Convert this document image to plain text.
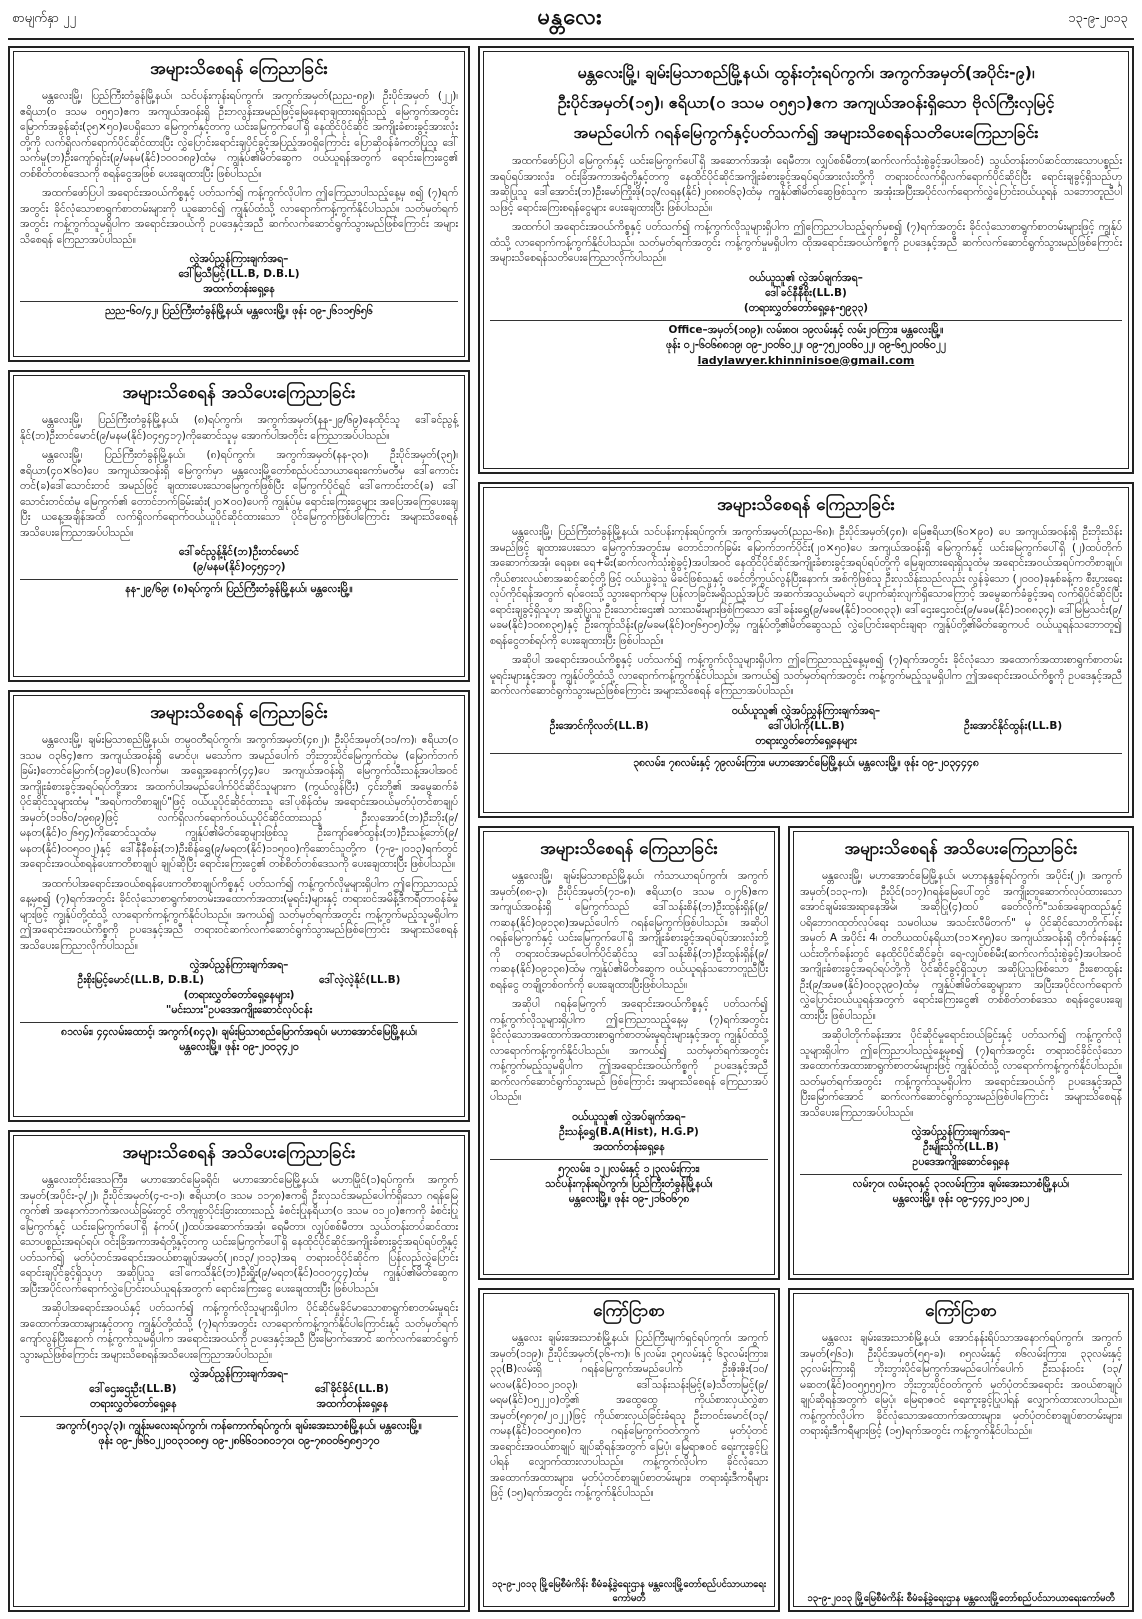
စာမျက်နှာ ၂၂	မန္တလေး	၁၃-၉-၂၀၁၃
အများသိစေရန် ကြေညာခြင်း

မန္တလေးမြို့၊ ပြည်ကြီးတံခွန်မြို့နယ်၊ သင်ပန်းကုန်းရပ်ကွက်၊ အကွက်အမှတ်(ညည-၈၉)၊ ဦးပိုင်အမှတ် (၂၂)၊ ဧရိယာ(၀ ဒသမ ၀၅၅၁)ဧက အကျယ်အဝန်းရှိ ဦးဘလွန်းအမည်ဖြင့်မြေနေရာချထားရရှိသည့် မြေကွက်အတွင်း မြောက်အခွန်ဆုံး(၃၅×၅၀)ပေရှိသော မြေကွက်နှင့်တကွ ယင်းမြေကွက်ပေါ်ရှိ နေထိုင်ပိုင်ဆိုင် အကျိုးခံစားခွင့်အားလုံးတို့ကို လက်ရှိလက်ရောက်ပိုင်ဆိုင်ထားပြီး လွှဲပြောင်းရောင်းချပိုင်ခွင့်အပြည့်အဝရှိကြောင်း ပြောဆိုဝန်ခံကတိပြုသူ ဒေါ်သက်မူ(ဘ)ဦးကျော်ရှင်း(၉/မနမ(နိုင်)၁၀၀၁၈၉)ထံမှ ကျွန်ုပ်၏မိတ်ဆွေက ဝယ်ယူရန်အတွက် ရောင်းကြေးငွေ၏ တစ်စိတ်တစ်ဒေသကို စရန်ငွေအဖြစ် ပေးချေထားပြီး ဖြစ်ပါသည်။

အထက်ဖော်ပြပါ အရောင်းအဝယ်ကိစ္စနှင့် ပတ်သက်၍ ကန့်ကွက်လိုပါက ဤကြေညာပါသည့်နေ့မှ စ၍ (၇)ရက်အတွင်း ခိုင်လုံသောစာရွက်စာတမ်းများကို ယူဆောင်၍ ကျွန်ုပ်ထံသို့ လာရောက်ကန့်ကွက်နိုင်ပါသည်။ သတ်မှတ်ရက်အတွင်း ကန့်ကွက်သူမရှိပါက အရောင်းအဝယ်ကို ဥပဒေနှင့်အညီ ဆက်လက်ဆောင်ရွက်သွားမည်ဖြစ်ကြောင်း အများသိစေရန် ကြေညာအပ်ပါသည်။

လွှဲအပ်ညွှန်ကြားချက်အရ–
ဒေါ်မြသီမြင့်(LL.B, D.B.L)
အထက်တန်းရှေ့နေ
ညည-၆၀/၄၂၊ ပြည်ကြီးတံခွန်မြို့နယ်၊ မန္တလေးမြို့။ ဖုန်း ၀၉-၂၆၁၁၅၆၅၆
အများသိစေရန် အသိပေးကြေညာခြင်း

မန္တလေးမြို့၊ ပြည်ကြီးတံခွန်မြို့နယ်၊ (၈)ရပ်ကွက်၊ အကွက်အမှတ်(နန-၂၉/၆၉)နေထိုင်သူ ဒေါ်ခင်ညွန့်နိုင်(ဘ)ဦးတင်မောင်(၉/မနမ(နိုင်)၀၄၅၄၁၇)ကိုဆောင်သူမှ အောက်ပါအတိုင်း ကြေညာအပ်ပါသည်။

မန္တလေးမြို့၊ ပြည်ကြီးတံခွန်မြို့နယ်၊ (၈)ရပ်ကွက်၊ အကွက်အမှတ်(နန-၃၀)၊ ဦးပိုင်အမှတ်(၃၅)၊ ဧရိယာ(၄၀×၆၀)ပေ အကျယ်အဝန်းရှိ မြေကွက်မှာ မန္တလေးမြို့တော်စည်ပင်သာယာရေးကော်မတီမှ ဒေါ်ကောင်းတင်(ခ)ဒေါ်သောင်းတင် အမည်ဖြင့် ချထားပေးသောမြေကွက်ဖြစ်ပြီး မြေကွက်ပိုင်ရှင် ဒေါ်ကောင်းတင်(ခ) ဒေါ်သောင်းတင်ထံမှ မြေကွက်၏ တောင်ဘက်ခြမ်းဆုံး(၂၀×၀၀)ပေကို ကျွန်ုပ်မှ ရောင်းကြေးငွေများ အပြေအကြေပေးချေပြီး ယနေ့အချိန်အထိ လက်ရှိလက်ရောက်ဝယ်ယူပိုင်ဆိုင်ထားသော ပိုင်မြေကွက်ဖြစ်ပါကြောင်း အများသိစေရန်အသိပေးကြေညာအပ်ပါသည်။

ဒေါ်ခင်ညွန့်နိုင်(ဘ)ဦးတင်မောင်
(၉/မနမ(နိုင်)၀၄၅၄၁၇)
နန-၂၉/၆၉၊ (၈)ရပ်ကွက်၊ ပြည်ကြီးတံခွန်မြို့နယ်၊ မန္တလေးမြို့။
အများသိစေရန် ကြေညာခြင်း

မန္တလေးမြို့၊ ချမ်းမြသာစည်မြို့နယ်၊ တမ္ပဝတီရပ်ကွက်၊ အကွက်အမှတ်(၄၈၂)၊ ဦးပိုင်အမှတ်(၁၁/က)၊ ဧရိယာ(၀ ဒသမ ၀၃၆၄)ဧက အကျယ်အဝန်းရှိ မောင်ပု၊ မသော်က အမည်ပေါက် ဘိုးဘွားပိုင်မြေကွက်ထဲမှ (မြောက်ဘက်ခြမ်း)တောင်မြောက်(၁၉)ပေ(၆)လက်မ၊ အရှေ့အနောက်(၄၄)ပေ အကျယ်အဝန်းရှိ မြေကွက်သီးသန့်အပါအဝင် အကျိုးခံစားခွင့်အရပ်ရပ်တို့အား အထက်ပါအမည်ပေါက်ပိုင်ဆိုင်သူများက (ကွယ်လွန်ပြီး) ၄င်းတို့၏ အမွေဆက်ခံပိုင်ဆိုင်သူများထံမှ "အရပ်ကတိစာချုပ်"ဖြင့် ဝယ်ယူပိုင်ဆိုင်ထားသူ ဒေါ်ပုစိန်ထံမှ အရောင်းအဝယ်မှတ်ပုံတင်စာချုပ်အမှတ်(၁၁၆၀/၁၉၈၉)ဖြင့် လက်ရှိလက်ရောက်ဝယ်ယူပိုင်ဆိုင်ထားသည့် ဦးလှအောင်(ဘ)ဦးဘိုး(၉/မနတ(နိုင်)၀၂၆၅၄)ကိုဆောင်သူထံမှ ကျွန်ုပ်၏မိတ်ဆွေများဖြစ်သူ ဦးကျော်ဇော်ထွန်း(ဘ)ဦးသန့်ဘော်(၉/မနတ(နိုင်)၀၀၅၀၀၂)နှင့် ဒေါ်နီနီစန်း(ဘ)ဦးစိန်ရွှေ(၉/မရတ(နိုင်)၁၁၅၀၀)ကိုဆောင်သူတို့က (၇-၉-၂၀၁၃)ရက်တွင် အရောင်းအဝယ်စရန်ပေးကတိစာချုပ် ချုပ်ဆိုပြီး ရောင်းကြေးငွေ၏ တစ်စိတ်တစ်ဒေသကို ပေးချေထားပြီး ဖြစ်ပါသည်။

အထက်ပါအရောင်းအဝယ်စရန်ပေးကတိစာချုပ်ကိစ္စနှင့် ပတ်သက်၍ ကန့်ကွက်လိုမှုများရှိပါက ဤကြေညာသည့်နေ့မှစ၍ (၇)ရက်အတွင်း ခိုင်လုံသောစာရွက်စာတမ်းအထောက်အထား(မူရင်း)များနှင့် တရားဝင်အမိန့်ဒီကရီတာဝန်ခံမှုများဖြင့် ကျွန်ုပ်တို့ထံသို့ လာရောက်ကန့်ကွက်နိုင်ပါသည်။ အကယ်၍ သတ်မှတ်ရက်အတွင်း ကန့်ကွက်မည့်သူမရှိပါက ဤအရောင်းအဝယ်ကိစ္စကို ဥပဒေနှင့်အညီ တရားဝင်ဆက်လက်ဆောင်ရွက်သွားမည်ဖြစ်ကြောင်း အများသိစေရန်အသိပေးကြေညာလိုက်ပါသည်။

လွှဲအပ်ညွှန်ကြားချက်အရ–
ဦးစိုးမြင့်မောင်(LL.B, D.B.L)	ဒေါ်လဲ့လဲ့နိုင်(LL.B)
(တရားလွှတ်တော်ရှေ့နေများ)
"မင်းသား"ဥပဒေအကျိုးဆောင်လုပ်ငန်း
၈၁လမ်း၊ ၄၄လမ်းထောင့်၊ အကွက်(၈၄၃)၊ ချမ်းမြသာစည်မြောက်အရပ်၊ မဟာအောင်မြေမြို့နယ်၊
မန္တလေးမြို့။ ဖုန်း ၀၉-၂၀၀၃၄၂၀
အများသိစေရန် အသိပေးကြေညာခြင်း

မန္တလေးတိုင်းဒေသကြီး၊ မဟာအောင်မြေခရိုင်၊ မဟာအောင်မြေမြို့နယ်၊ မဟာမြိုင်(၁)ရပ်ကွက်၊ အကွက်အမှတ်(အပိုင်း-၃/၂)၊ ဦးပိုင်အမှတ်(၄-င-၁)၊ ဧရိယာ(၀ ဒသမ ၁၁၇၈)ဧကရှိ ဦးလှသင်အမည်ပေါက်ရှိသော ဂရန်မြေကွက်၏ အနောက်ဘက်အလယ်ခြမ်းတွင် တိကျစွာပိုင်းခြားထားသည့် ခံစင်းပြုနရိယာ(၀ ဒသမ ၀၁၂၀)ဧကကို ခံစင်းပြုမြေကွက်နှင့် ယင်းမြေကွက်ပေါ်ရှိ နံကပ်(၂)ထပ်အဆောက်အအုံ၊ ရေမီတာ၊ လျှပ်စစ်မီတာ၊ သွယ်တန်းတပ်ဆင်ထားသောပစ္စည်းအရပ်ရပ်၊ ၀င်းခြံအကာအရံတို့နှင့်တကွ ယင်းမြေကွက်ပေါ်ရှိ နေထိုင်ပိုင်ဆိုင်အကျိုးခံစားခွင့်အရပ်ရပ်တို့နှင့် ပတ်သက်၍ မှတ်ပုံတင်အရောင်းအဝယ်စာချုပ်အမှတ်(၂၈၁၃/၂၀၁၃)အရ တရားဝင်ပိုင်ဆိုင်က ပြန်လည်လွှဲပြောင်းရောင်းချပိုင်ခွင့်ရှိသူဟု အဆိုပြုသူ ဒေါ်ကေသီနိုင်(ဘ)ဦးရှိုး(၉/မရတ(နိုင်)၀၀၀၇၄၄)ထံမှ ကျွန်ုပ်၏မိတ်ဆွေက အပြီးအပိုင်လက်ရောက်လွှဲပြောင်းဝယ်ယူရန်အတွက် ရောင်းကြေးငွေ ပေးချေထားပြီး ဖြစ်ပါသည်။

အဆိုပါအရောင်းအဝယ်နှင့် ပတ်သက်၍ ကန့်ကွက်လိုသူများရှိပါက ပိုင်ဆိုင်မှုခိုင်မာသောစာရွက်စာတမ်းမူရင်းအထောက်အထားများနှင့်တကွ ကျွန်ုပ်တို့ထံသို့ (၇)ရက်အတွင်း လာရောက်ကန့်ကွက်နိုင်ပါကြောင်းနှင့် သတ်မှတ်ရက်ကျော်လွန်ပြီးနောက် ကန့်ကွက်သူမရှိပါက အရောင်းအဝယ်ကို ဥပဒေနှင့်အညီ ပြီးမြောက်အောင် ဆက်လက်ဆောင်ရွက်သွားမည်ဖြစ်ကြောင်း အများသိစေရန်အသိပေးကြေညာအပ်ပါသည်။

လွှဲအပ်ညွှန်ကြားချက်အရ–
ဒေါ်ဌေးဌေးဦး(LL.B)	ဒေါ်ခိုင်ခိုင်(LL.B)
တရားလွှတ်တော်ရှေ့နေ	အထက်တန်းရှေ့နေ
အကွက်(၅၁၃/၃)၊ ကျွန်းမလေးရပ်ကွက်၊ ကန်ကောက်ရပ်ကွက်၊ ချမ်းအေးသာစံမြို့နယ်၊ မန္တလေးမြို့။
ဖုန်း ၀၉-၂၆၆၀၂၂၀၀၃၁၀၈၅၊ ၀၉-၂၈၆၆၀၁၈၀၁၇၀၊ ၀၉-၇၈၀၀၆၅၈၅၁၇၀
မန္တလေးမြို့၊ ချမ်းမြသာစည်မြို့နယ်၊ ထွန်းတုံးရပ်ကွက်၊ အကွက်အမှတ်(အပိုင်း-၉)၊
ဦးပိုင်အမှတ်(၁၅)၊ ဧရိယာ(၀ ဒသမ ၀၅၅၁)ဧက အကျယ်အဝန်းရှိသော ဗိုလ်ကြီးလှမြင့်
အမည်ပေါက် ဂရန်မြေကွက်နှင့်ပတ်သက်၍ အများသိစေရန်သတိပေးကြေညာခြင်း

အထက်ဖော်ပြပါ မြေကွက်နှင့် ယင်းမြေကွက်ပေါ်ရှိ အဆောက်အအုံ၊ ရေမီတာ၊ လျှပ်စစ်မီတာ(ဆက်လက်သုံးစွဲခွင့်အပါအဝင်) သွယ်တန်းတပ်ဆင်ထားသောပစ္စည်းအရပ်ရပ်အားလုံး၊ ဝင်းခြံအကာအရံတို့နှင့်တကွ နေထိုင်ပိုင်ဆိုင်အကျိုးခံစားခွင့်အရပ်ရပ်အားလုံးတို့ကို တရားဝင်လက်ရှိလက်ရောက်ပိုင်ဆိုင်ပြီး ရောင်းချခွင့်ရှိသည်ဟု အဆိုပြုသူ ဒေါ်အောင်း(ဘ)ဦးမော်ကြိုးဖို(၁၃/လရန(နိုင်)၂၀၈၈၀၆၃)ထံမှ ကျွန်ုပ်၏မိတ်ဆွေဖြစ်သူက အအုံးအပြီးအပိုင်လက်ရောက်လွှဲပြောင်းဝယ်ယူရန် သဘောတူညီပါသဖြင့် ရောင်းကြေးစရန်ငွေများ ပေးချေထားပြီး ဖြစ်ပါသည်။

အထက်ပါ အရောင်းအဝယ်ကိစ္စနှင့် ပတ်သက်၍ ကန့်ကွက်လိုသူများရှိပါက ဤကြေညာပါသည့်ရက်မှစ၍ (၇)ရက်အတွင်း ခိုင်လုံသောစာရွက်စာတမ်းများဖြင့် ကျွန်ုပ်ထံသို့ လာရောက်ကန့်ကွက်နိုင်ပါသည်။ သတ်မှတ်ရက်အတွင်း ကန့်ကွက်မှုမရှိပါက ထိုအရောင်းအဝယ်ကိစ္စကို ဥပဒေနှင့်အညီ ဆက်လက်ဆောင်ရွက်သွားမည်ဖြစ်ကြောင်း အများသိစေရန်သတိပေးကြေညာလိုက်ပါသည်။

ဝယ်ယူသူ၏ လွှဲအပ်ချက်အရ–
ဒေါ်ခင်နီနီစိုး(LL.B)
(တရားလွှတ်တော်ရှေ့နေ-၅၉၃၃)
Office–အမှတ်(၁၈၉)၊ လမ်း၈၀၊ ၁၉လမ်းနှင့် လမ်း၂၀ကြား၊ မန္တလေးမြို့။
ဖုန်း ၀၂-၆၀၆၈၈၁၉၊ ၀၉-၂၀၀၆၀၂၂၊ ၀၉-၇၅၂၀၀၆၀၂၂၊ ၀၉-၆၅၂၀၀၆၀၂၂
ladylawyer.khinninisoe@gmail.com
အများသိစေရန် ကြေညာခြင်း

မန္တလေးမြို့၊ ပြည်ကြီးတံခွန်မြို့နယ်၊ သင်ပန်းကုန်းရပ်ကွက်၊ အကွက်အမှတ်(ညည-၆၈)၊ ဦးပိုင်အမှတ်(၄၈)၊ မြေဧရိယာ(၆၀×၉၀) ပေ အကျယ်အဝန်းရှိ ဦးဘိုးသိန်းအမည်ဖြင့် ချထားပေးသော မြေကွက်အတွင်းမှ တောင်ဘက်ခြမ်း မြောက်ဘက်ပိုင်း(၂၀×၅၀)ပေ အကျယ်အဝန်းရှိ မြေကွက်နှင့် ယင်းမြေကွက်ပေါ်ရှိ (၂)ထပ်တိုက်အဆောက်အအုံ၊ ရေခုစ၊ ရေ+မီး(ဆက်လက်သုံးစွဲခွင့်)အပါအဝင် နေထိုင်ပိုင်ဆိုင်အကျိုးခံစားခွင့်အရပ်ရပ်တို့ကို မြေချထားရေးရှိသူထံမှ အရောင်းအဝယ်အရပ်ကတိစာချုပ်၊ ကိုယ်စားလှယ်စာအဆင့်ဆင့်တို့ဖြင့် ဝယ်ယူခဲ့သူ မိခင်ဖြစ်သူနှင့် ဖခင်တို့ကွယ်လွန်ပြီးနောက်၊ အစ်ကိုဖြစ်သူ ဦးလှသိန်းသည်လည်း လွန်ခဲ့သော (၂၀၀၀)ခုနှစ်ခန့်က စီးပွားရေးလုပ်ကိုင်ရန်အတွက် ရပ်ဝေးသို့ သွားရောက်ရာမှ ပြန်လာခြင်းမရှိသည့်အပြင် အဆက်အသွယ်မရဘဲ ပျောက်ဆုံးလျက်ရှိသောကြောင့် အမွေဆက်ခံခွင့်အရ လက်ရှိပိုင်ဆိုင်ပြီး ရောင်းချခွင့်ရှိသူဟု အဆိုပြုသူ ဦးသောင်းဌေး၏ သားသမီးများဖြစ်ကြသော ဒေါ်ခန်းရွှေ(၉/မခမ(နိုင်)၁၀၀၈၃၃)၊ ဒေါ်ဌေးဌေးဝင်း(၉/မခမ(နိုင်)၁၀၈၈၃၄)၊ ဒေါ်မြမြသင်း(၉/မခမ(နိုင်)၁၀၈၈၃၅)နှင့် ဦးကျော်သိန်း(၉/မခမ(နိုင်)၀၅၆၅၀၅)တို့မှ ကျွန်ုပ်တို့၏မိတ်ဆွေသည် လွှဲပြောင်းရောင်းချရာ ကျွန်ုပ်တို့၏မိတ်ဆွေကပင် ဝယ်ယူရန်သဘောတူ၍ စရန်ငွေတစ်ရပ်ကို ပေးချေထားပြီး ဖြစ်ပါသည်။

အဆိုပါ အရောင်းအဝယ်ကိစ္စနှင့် ပတ်သက်၍ ကန့်ကွက်လိုသူများရှိပါက ဤကြေညာသည့်နေ့မှစ၍ (၇)ရက်အတွင်း ခိုင်လုံသော အထောက်အထားစာရွက်စာတမ်းမူရင်းများနှင့်အတူ ကျွန်ုပ်တို့ထံသို့ လာရောက်ကန့်ကွက်နိုင်ပါသည်။ အကယ်၍ သတ်မှတ်ရက်အတွင်း ကန့်ကွက်မည့်သူမရှိပါက ဤအရောင်းအဝယ်ကိစ္စကို ဥပဒေနှင့်အညီ ဆက်လက်ဆောင်ရွက်သွားမည်ဖြစ်ကြောင်း အများသိစေရန် ကြေညာအပ်ပါသည်။

ဝယ်ယူသူ၏ လွှဲအပ်ညွှန်ကြားချက်အရ–
ဦးအောင်ကိုလတ်(LL.B)	ဒေါ်ပါပါကို(LL.B)	ဦးအောင်နိုင်ထွန်း(LL.B)
တရားလွှတ်တော်ရှေ့နေများ
၃၈လမ်း၊ ၇၈လမ်းနှင့် ၇၉လမ်းကြား၊ မဟာအောင်မြေမြို့နယ်၊ မန္တလေးမြို့။ ဖုန်း ၀၉-၂၀၃၄၄၄၈
အများသိစေရန် ကြေညာခြင်း

မန္တလေးမြို့၊ ချမ်းမြသာစည်မြို့နယ်၊ ကံသာယာရပ်ကွက်၊ အကွက်အမှတ်(၈၈-၃)၊ ဦးပိုင်အမှတ်(၇၁-၈)၊ ဧရိယာ(၀ ဒသမ ၀၂၇၆)ဧက အကျယ်အဝန်းရှိ မြေကွက်သည် ဒေါ်သန်းစိန်(ဘ)ဦးထွန်းရှိန်(၉/ကဆန(နိုင်)၀၉၁၃၈)အမည်ပေါက် ဂရန်မြေကွက်ဖြစ်ပါသည်။ အဆိုပါ ဂရန်မြေကွက်နှင့် ယင်းမြေကွက်ပေါ်ရှိ အကျိုးခံစားခွင့်အရပ်ရပ်အားလုံးတို့ကို တရားဝင်အမည်ပေါက်ပိုင်ဆိုင်သူ ဒေါ်သန်းစိန်(ဘ)ဦးထွန်းရှိန်(၉/ကဆန(နိုင်)၀၉၁၃၈)ထံမှ ကျွန်ုပ်၏မိတ်ဆွေက ဝယ်ယူရန်သဘောတူညီပြီး စရန်ငွေ တချို့တစ်ဝက်ကို ပေးချေထားပြီးဖြစ်ပါသည်။

အဆိုပါ ဂရန်မြေကွက် အရောင်းအဝယ်ကိစ္စနှင့် ပတ်သက်၍ ကန့်ကွက်လိုသူများရှိပါက ဤကြေညာသည့်နေ့မှ (၇)ရက်အတွင်း ခိုင်လုံသောအထောက်အထားစာရွက်စာတမ်းမူရင်းများနှင့်အတူ ကျွန်ုပ်ထံသို့ လာရောက်ကန့်ကွက်နိုင်ပါသည်။ အကယ်၍ သတ်မှတ်ရက်အတွင်း ကန့်ကွက်မည့်သူမရှိပါက ဤအရောင်းအဝယ်ကိစ္စကို ဥပဒေနှင့်အညီ ဆက်လက်ဆောင်ရွက်သွားမည် ဖြစ်ကြောင်း အများသိစေရန် ကြေညာအပ်ပါသည်။

ဝယ်ယူသူ၏ လွှဲအပ်ချက်အရ–
ဦးသန့်ရွှေ(B.A(Hist), H.G.P)
အထက်တန်းရှေ့နေ
၅၇လမ်း၊ ၁၂၂လမ်းနှင့် ၁၂၃လမ်းကြား၊
သင်ပန်းကုန်းရပ်ကွက်၊ ပြည်ကြီးတံခွန်မြို့နယ်၊
မန္တလေးမြို့။ ဖုန်း ၀၉-၂၁၆၀၆၇၈
အများသိစေရန် အသိပေးကြေညာခြင်း

မန္တလေးမြို့၊ မဟာအောင်မြေမြို့နယ်၊ မဟာနန္ဒခွန်ရပ်ကွက်၊ အပိုင်း(၂)၊ အကွက်အမှတ်(၁၁၃-က)၊ ဦးပိုင်(၁၁၇)ဂရန်မြေပေါ်တွင် အကျိုးတူဆောက်လုပ်ထားသော အောင်ချမ်းအေးရာနေအိမ်၊ အဆိုပြု(၄)ထပ် ခေတ်လိုက်"သစ်အချောထည်နှင့် ပရိဘောဂထုတ်လုပ်ရေး သမဝါယမ အသင်းလီမိတက်" မှ ပိုင်ဆိုင်သောတိုက်ခန်းအမှတ် A အပိုင်း 4၊ တတိယထပ်နရိယာ(၁၁×၅၅)ပေ အကျယ်အဝန်းရှိ တိုက်ခန်းနှင့် ယင်းတိုက်ခန်းတွင် နေထိုင်ပိုင်ဆိုင်ခွင့်၊ ရေ-လျှပ်စစ်မီး(ဆက်လက်သုံးစွဲခွင့်)အပါအဝင် အကျိုးခံစားခွင့်အရပ်ရပ်တို့ကို ပိုင်ဆိုင်ခွင့်ရှိသူဟု အဆိုပြုသူဖြစ်သော ဦးစောထွန်းဦး(၉/အမဇ(နိုင်)၀၀၃၃၉၀)ထံမှ ကျွန်ုပ်၏မိတ်ဆွေများက အပြီးအပိုင်လက်ရောက်လွှဲပြောင်းဝယ်ယူရန်အတွက် ရောင်းကြေးငွေ၏ တစ်စိတ်တစ်ဒေသ စရန်ငွေပေးချေထားပြီး ဖြစ်ပါသည်။

အဆိုပါတိုက်ခန်းအား ပိုင်ဆိုင်မှုရောင်းဝယ်ခြင်းနှင့် ပတ်သက်၍ ကန့်ကွက်လိုသူများရှိပါက ဤကြေညာပါသည့်နေ့မှစ၍ (၇)ရက်အတွင်း တရားဝင်ခိုင်လုံသောအထောက်အထားစာရွက်စာတမ်းများဖြင့် ကျွန်ုပ်ထံသို့ လာရောက်ကန့်ကွက်နိုင်ပါသည်။ သတ်မှတ်ရက်အတွင်း ကန့်ကွက်သူမရှိပါက အရောင်းအဝယ်ကို ဥပဒေနှင့်အညီ ပြီးမြောက်အောင် ဆက်လက်ဆောင်ရွက်သွားမည်ဖြစ်ပါကြောင်း အများသိစေရန်အသိပေးကြေညာအပ်ပါသည်။

လွှဲအပ်ညွှန်ကြားချက်အရ–
ဦးမျိုးသိုက်(LL.B)
ဥပဒေအကျိုးဆောင်ရှေ့နေ
လမ်း၇၀၊ လမ်း၃၀နှင့် ၃၁လမ်းကြား၊ ချမ်းအေးသာစံမြို့နယ်၊
မန္တလေးမြို့။ ဖုန်း ၀၉-၄၄၄၂၀၁၂၀၈၂
ကြော်ငြာစာ

မန္တလေး ချမ်းအေးသာစံမြို့နယ်၊ ပြည်ကြီးမျက်ရှင်ရပ်ကွက်၊ အကွက်အမှတ်(၁၁၉)၊ ဦးပိုင်အမှတ်(၃၆-က)၊ ၆၂လမ်း၊ ၃၅လမ်းနှင့် ၆၃လမ်းကြား၊ ၃၃(B)လမ်းရှိ ဂရန်မြေကွက်အမည်ပေါက် ဦးဇိုးဇိုး(၁၀/မလမ(နိုင်)၀၁၀၂၁၀၃)၊ ဒေါ်သန်းသန်းမြင့်(ခ)သီတာမြင့်(၉/မရမ(နိုင်)၀၅၂၂၀)တို့၏ အထွေထွေ ကိုယ်စားလှယ်လွှဲစာအမှတ်(၅၈၇၈/၂၀၂၂)ဖြင့် ကိုယ်စားလှယ်ခြင်းခံရသူ ဦးဘဝင်းမောင်(၁၃/ကမန(နိုင်)၀၁၀၅၈၈)က ဂရန်မြေကွက်ဝတ်ကွက် မှတ်ပုံတင် အရောင်းအဝယ်စာချုပ် ချုပ်ဆိုရန်အတွက် မြေပုံ၊ မြေရာဇဝင် ရေးကူးခွင့်ပြုပါရန် လျှောက်ထားလာပါသည်။ ကန့်ကွက်လိုပါက ခိုင်လုံသော အထောက်အထားများ၊ မှတ်ပုံတင်စာချုပ်စာတမ်းများ၊ တရားရုံးဒီကရီများဖြင့် (၁၅)ရက်အတွင်း ကန့်ကွက်နိုင်ပါသည်။

၁၃-၉-၂၀၁၃ မြို့မြေစီမံကိန်း စီမံခန့်ခွဲရေးဌာန မန္တလေးမြို့တော်စည်ပင်သာယာရေးကော်မတီ
ကြော်ငြာစာ

မန္တလေး ချမ်းအေးသာစံမြို့နယ်၊ အောင်နန်းရိပ်သာအနောက်ရပ်ကွက်၊ အကွက်အမှတ်(၅၆၁)၊ ဦးပိုင်အမှတ်(၅၅-ခ)၊ ၈၅လမ်းနှင့် ၈၆လမ်းကြား၊ ၃၃လမ်းနှင့် ၃၄လမ်းကြားရှိ ဘိုးဘွားပိုင်မြေကွက်အမည်ပေါက်ပေါက် ဦးသန်းဝင်း (၁၃/မဆတ(နိုင်)၀၀၅၅၅၅)က ဘိုးဘွားပိုင်ဝတ်ကွက် မှတ်ပုံတင်အရောင်း အဝယ်စာချုပ် ချုပ်ဆိုရန်အတွက် မြေပုံ၊ မြေရာဇဝင် ရေးကူးခွင့်ပြုပါရန် လျှောက်ထားလာပါသည်။ ကန့်ကွက်လိုပါက ခိုင်လုံသောအထောက်အထားများ၊ မှတ်ပုံတင်စာချုပ်စာတမ်းများ၊ တရားရုံးဒီကရီများဖြင့် (၁၅)ရက်အတွင်း ကန့်ကွက်နိုင်ပါသည်။

၁၃-၉-၂၀၁၃ မြို့မြေစီမံကိန်း စီမံခန့်ခွဲရေးဌာန မန္တလေးမြို့တော်စည်ပင်သာယာရေးကော်မတီ
